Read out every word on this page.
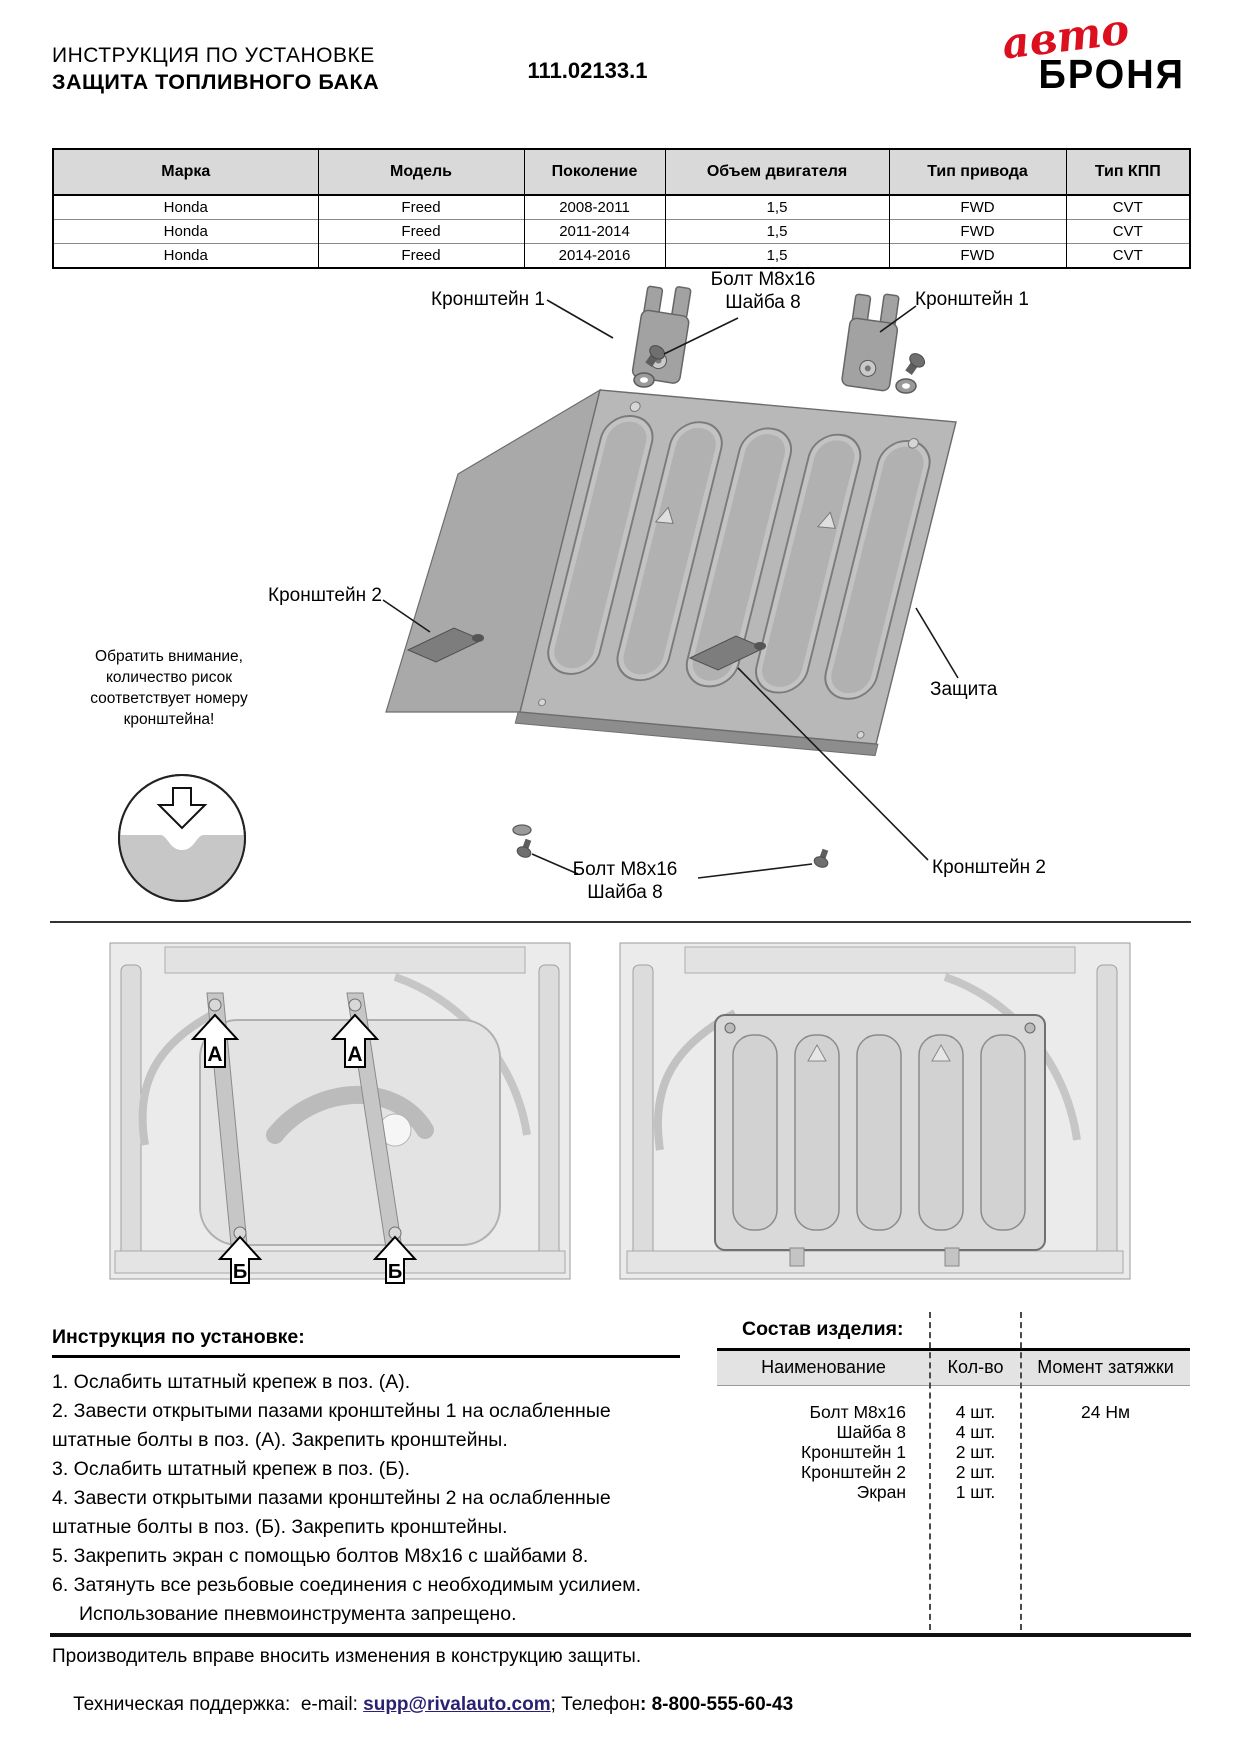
ИНСТРУКЦИЯ ПО УСТАНОВКЕ
ЗАЩИТА ТОПЛИВНОГО БАКА	111.02133.1
авто
БРОНЯ
Марка	Модель	Поколение	Объем двигателя	Тип привода	Тип КПП
Honda	Freed	2008-2011	1,5	FWD	CVT
Honda	Freed	2011-2014	1,5	FWD	CVT
Honda	Freed	2014-2016	1,5	FWD	CVT
Кронштейн 1	Кронштейн 1
Болт М8х16
Шайба 8
Кронштейн 2
Защита
Кронштейн 2
Болт М8х16
Шайба 8
Обратить внимание, количество рисок
соответствует номеру кронштейна!
А	А
Б	Б
Инструкция по установке:
1. Ослабить штатный крепеж в поз. (А).
2. Завести открытыми пазами кронштейны 1 на ослабленные штатные болты в поз. (А). Закрепить кронштейны.
3. Ослабить штатный крепеж в поз. (Б).
4. Завести открытыми пазами кронштейны 2 на ослабленные штатные болты в поз. (Б). Закрепить кронштейны.
5. Закрепить экран с помощью болтов М8х16 с шайбами 8.
6. Затянуть все резьбовые соединения с необходимым усилием. Использование пневмоинструмента запрещено.
Состав изделия:
Наименование	Кол-во	Момент затяжки
Болт М8х16	4 шт.	24 Нм
Шайба 8	4 шт.
Кронштейн 1	2 шт.
Кронштейн 2	2 шт.
Экран	1 шт.
Производитель вправе вносить изменения в конструкцию защиты.

Техническая поддержка:  e-mail: supp@rivalauto.com; Телефон: 8-800-555-60-43
